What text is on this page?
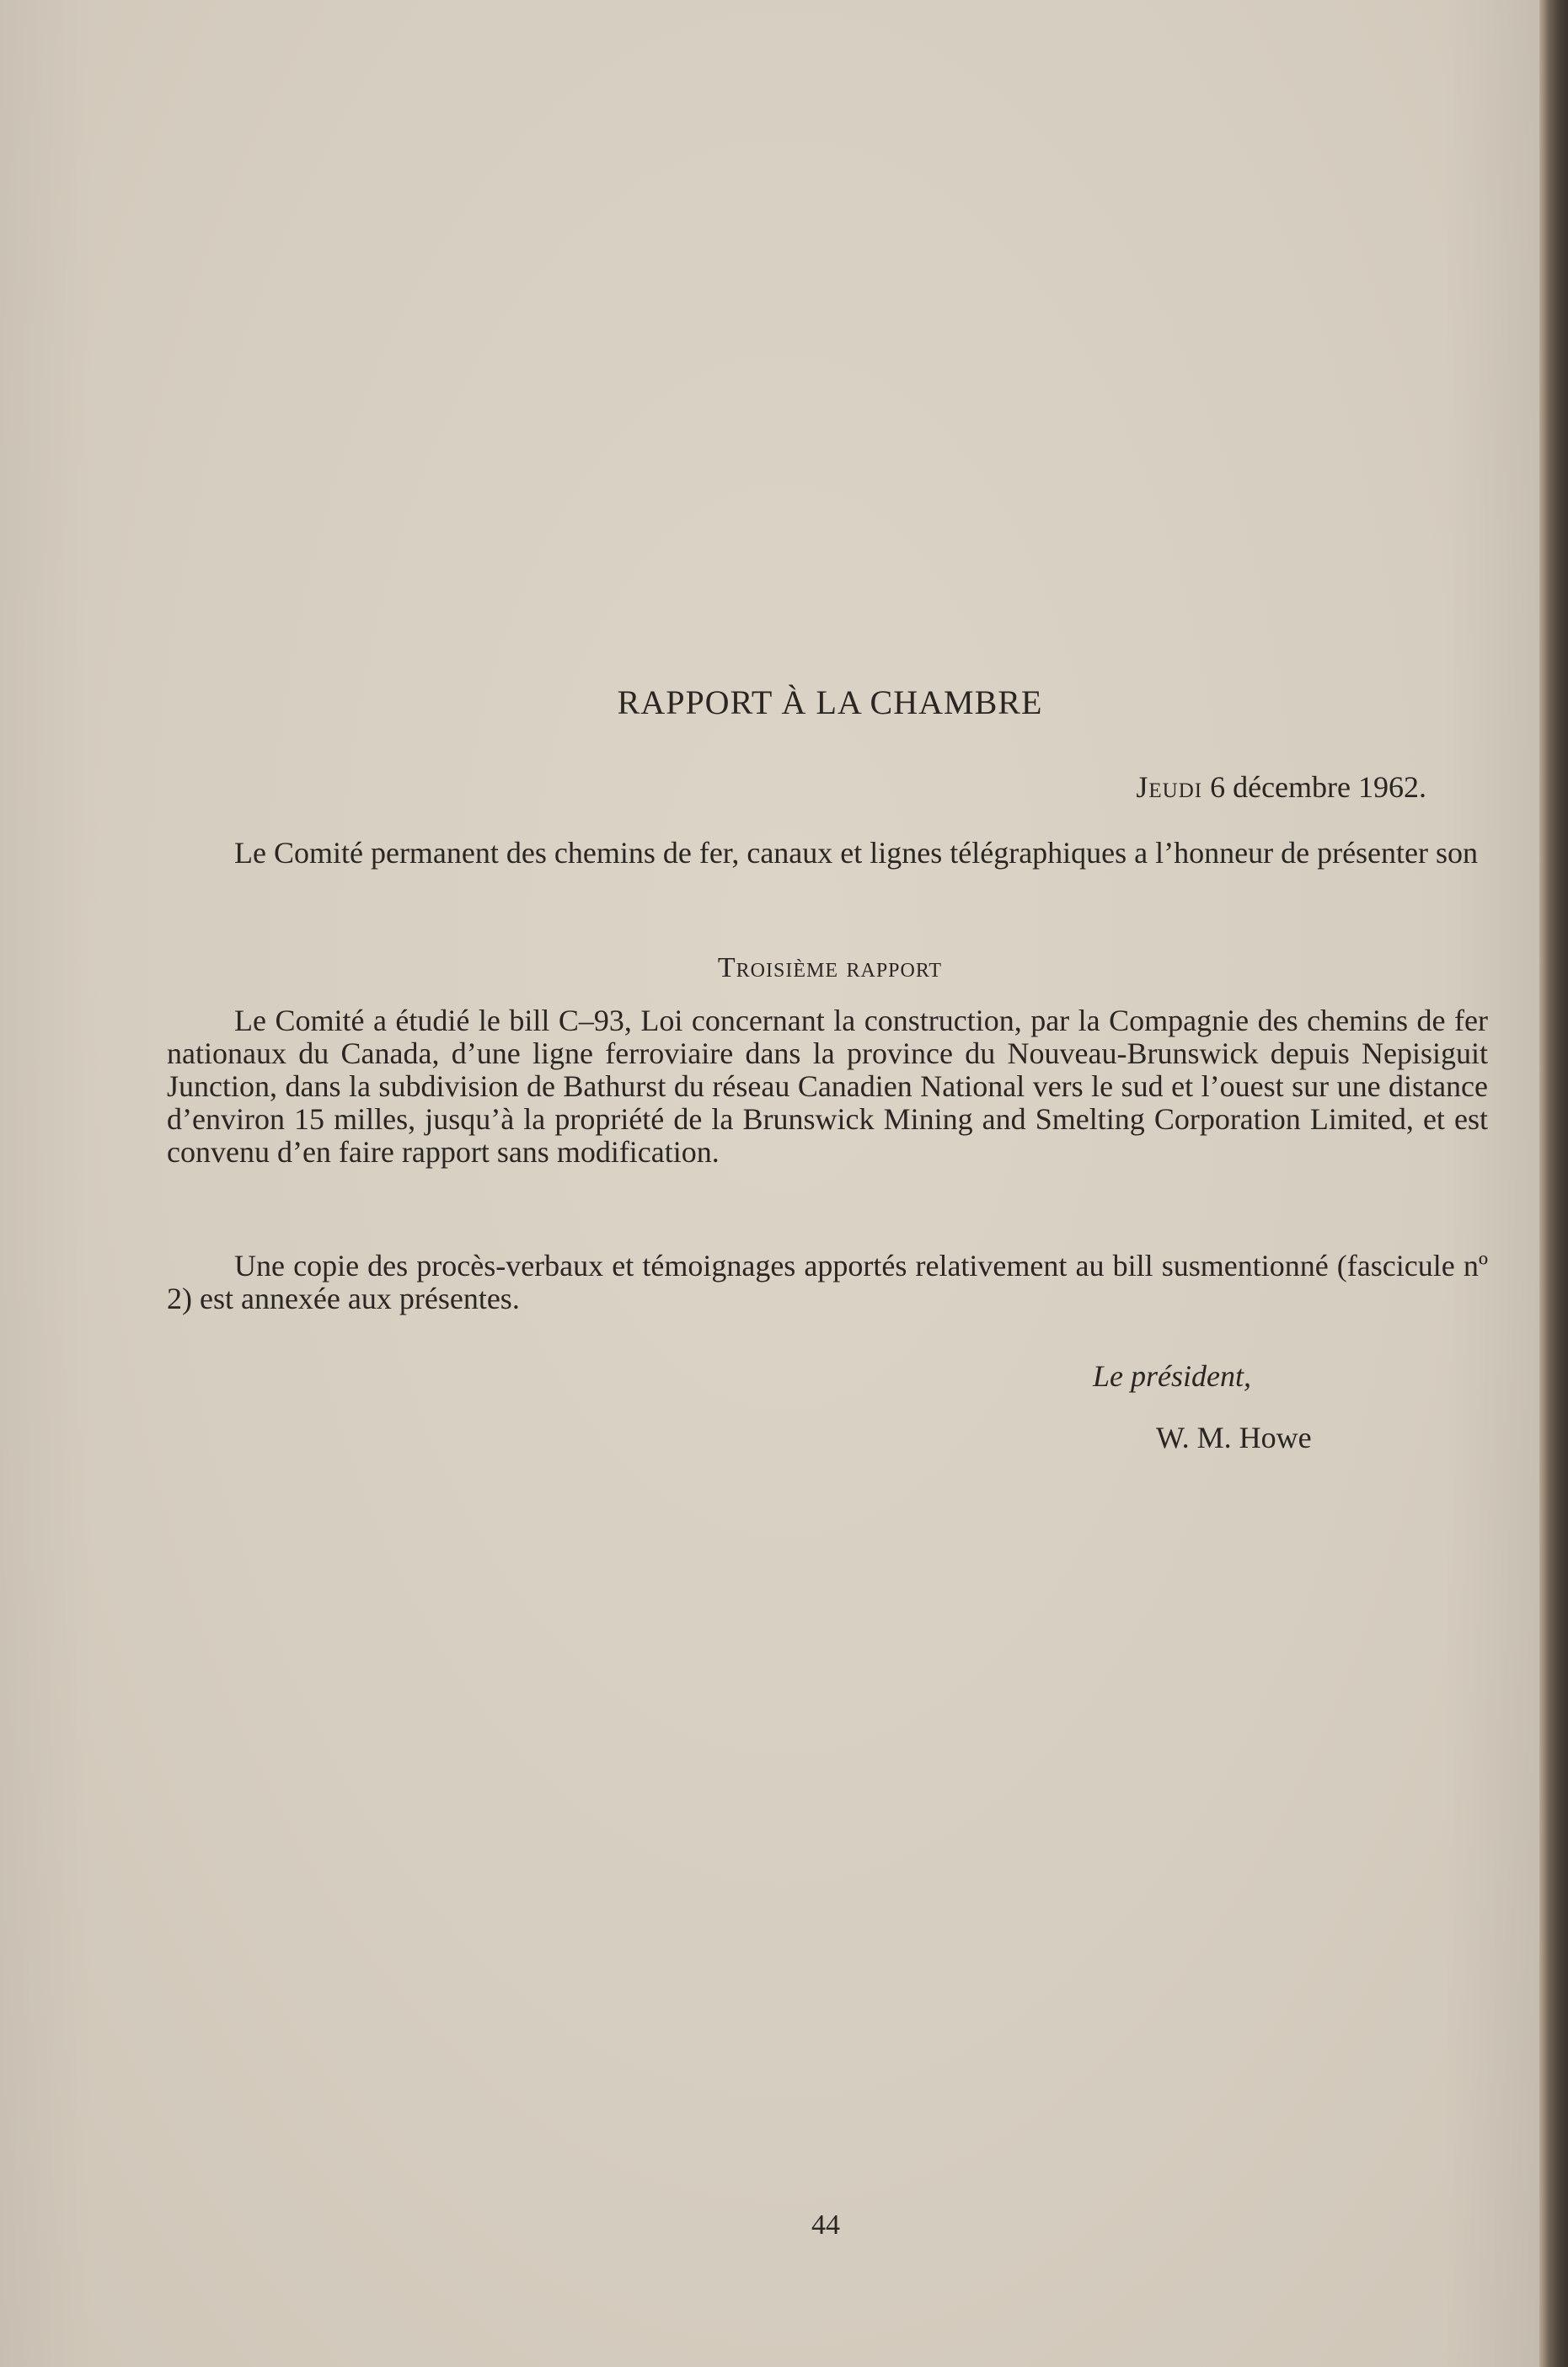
RAPPORT À LA CHAMBRE
Jeudi 6 décembre 1962.
Le Comité permanent des chemins de fer, canaux et lignes télégraphiques a l’honneur de présenter son
Troisième rapport
Le Comité a étudié le bill C–93, Loi concernant la construction, par la Compagnie des chemins de fer nationaux du Canada, d’une ligne ferroviaire dans la province du Nouveau-Brunswick depuis Nepisiguit Junction, dans la subdivision de Bathurst du réseau Canadien National vers le sud et l’ouest sur une distance d’environ 15 milles, jusqu’à la propriété de la Brunswick Mining and Smelting Corporation Limited, et est convenu d’en faire rapport sans modification.
Une copie des procès-verbaux et témoignages apportés relativement au bill susmentionné (fascicule nº 2) est annexée aux présentes.
Le président,
W. M. Howe
44
